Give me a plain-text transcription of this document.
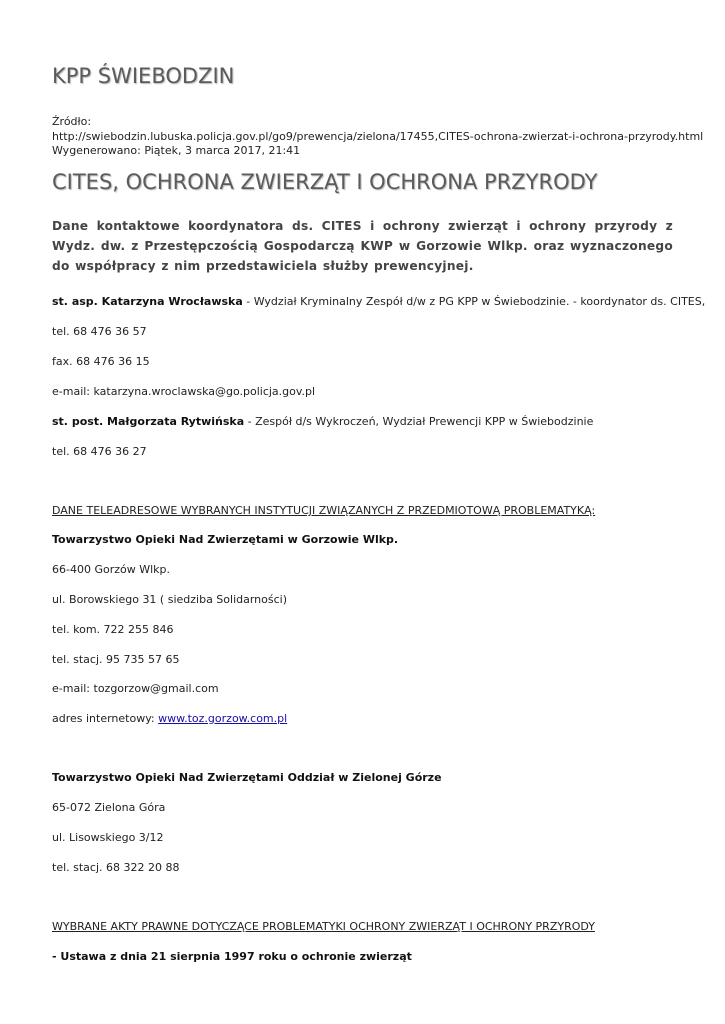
KPP ŚWIEBODZIN
Źródło:
http://swiebodzin.lubuska.policja.gov.pl/go9/prewencja/zielona/17455,CITES-ochrona-zwierzat-i-ochrona-przyrody.html
Wygenerowano: Piątek, 3 marca 2017, 21:41
CITES, OCHRONA ZWIERZĄT I OCHRONA PRZYRODY
Dane kontaktowe koordynatora ds. CITES i ochrony zwierząt i ochrony przyrody z Wydz. dw. z Przestępczością Gospodarczą KWP w Gorzowie Wlkp. oraz wyznaczonego do współpracy z nim przedstawiciela służby prewencyjnej.
st. asp. Katarzyna Wrocławska - Wydział Kryminalny Zespół d/w z PG KPP w Świebodzinie. - koordynator ds. CITES,
tel. 68 476 36 57
fax. 68 476 36 15
e-mail: katarzyna.wroclawska@go.policja.gov.pl
st. post. Małgorzata Rytwińska - Zespół d/s Wykroczeń, Wydział Prewencji KPP w Świebodzinie
tel. 68 476 36 27
DANE TELEADRESOWE WYBRANYCH INSTYTUCJI ZWIĄZANYCH Z PRZEDMIOTOWĄ PROBLEMATYKĄ:
Towarzystwo Opieki Nad Zwierzętami w Gorzowie Wlkp.
66-400 Gorzów Wlkp.
ul. Borowskiego 31 ( siedziba Solidarności)
tel. kom. 722 255 846
tel. stacj. 95 735 57 65
e-mail: tozgorzow@gmail.com
adres internetowy: www.toz.gorzow.com.pl
Towarzystwo Opieki Nad Zwierzętami Oddział w Zielonej Górze
65-072 Zielona Góra
ul. Lisowskiego 3/12
tel. stacj. 68 322 20 88
WYBRANE AKTY PRAWNE DOTYCZĄCE PROBLEMATYKI OCHRONY ZWIERZĄT I OCHRONY PRZYRODY
- Ustawa z dnia 21 sierpnia 1997 roku o ochronie zwierząt
